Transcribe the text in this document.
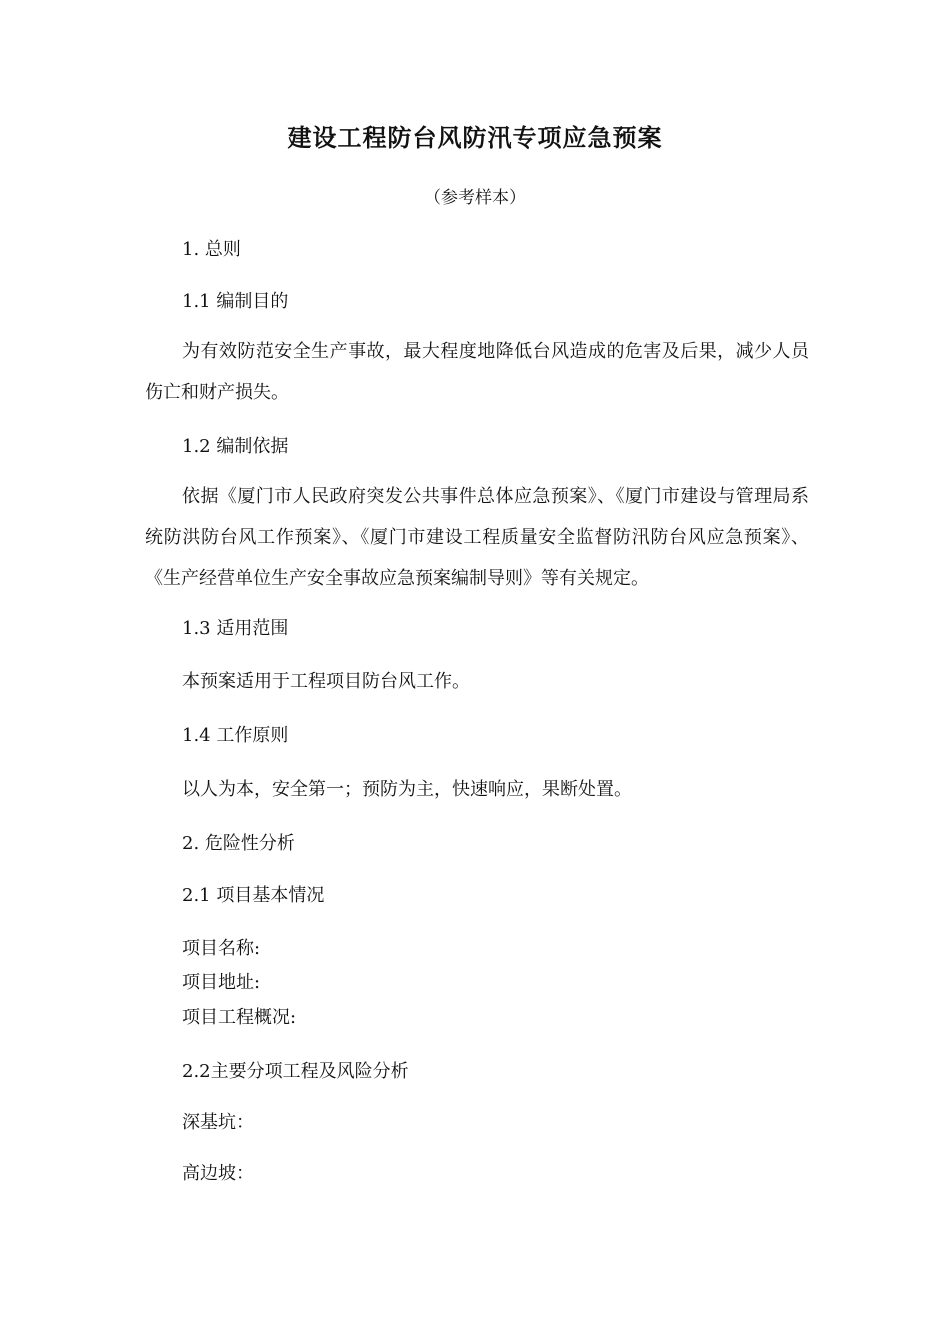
建设工程防台风防汛专项应急预案
（参考样本）
1. 总则
1.1 编制目的
为有效防范安全生产事故，最大程度地降低台风造成的危害及后果，减少人员伤亡和财产损失。
1.2 编制依据
依据《厦门市人民政府突发公共事件总体应急预案》、《厦门市建设与管理局系统防洪防台风工作预案》、《厦门市建设工程质量安全监督防汛防台风应急预案》、《生产经营单位生产安全事故应急预案编制导则》等有关规定。
1.3 适用范围
本预案适用于工程项目防台风工作。
1.4 工作原则
以人为本，安全第一；预防为主，快速响应，果断处置。
2. 危险性分析
2.1 项目基本情况
项目名称:
项目地址:
项目工程概况:
2.2主要分项工程及风险分析
深基坑：
高边坡：
